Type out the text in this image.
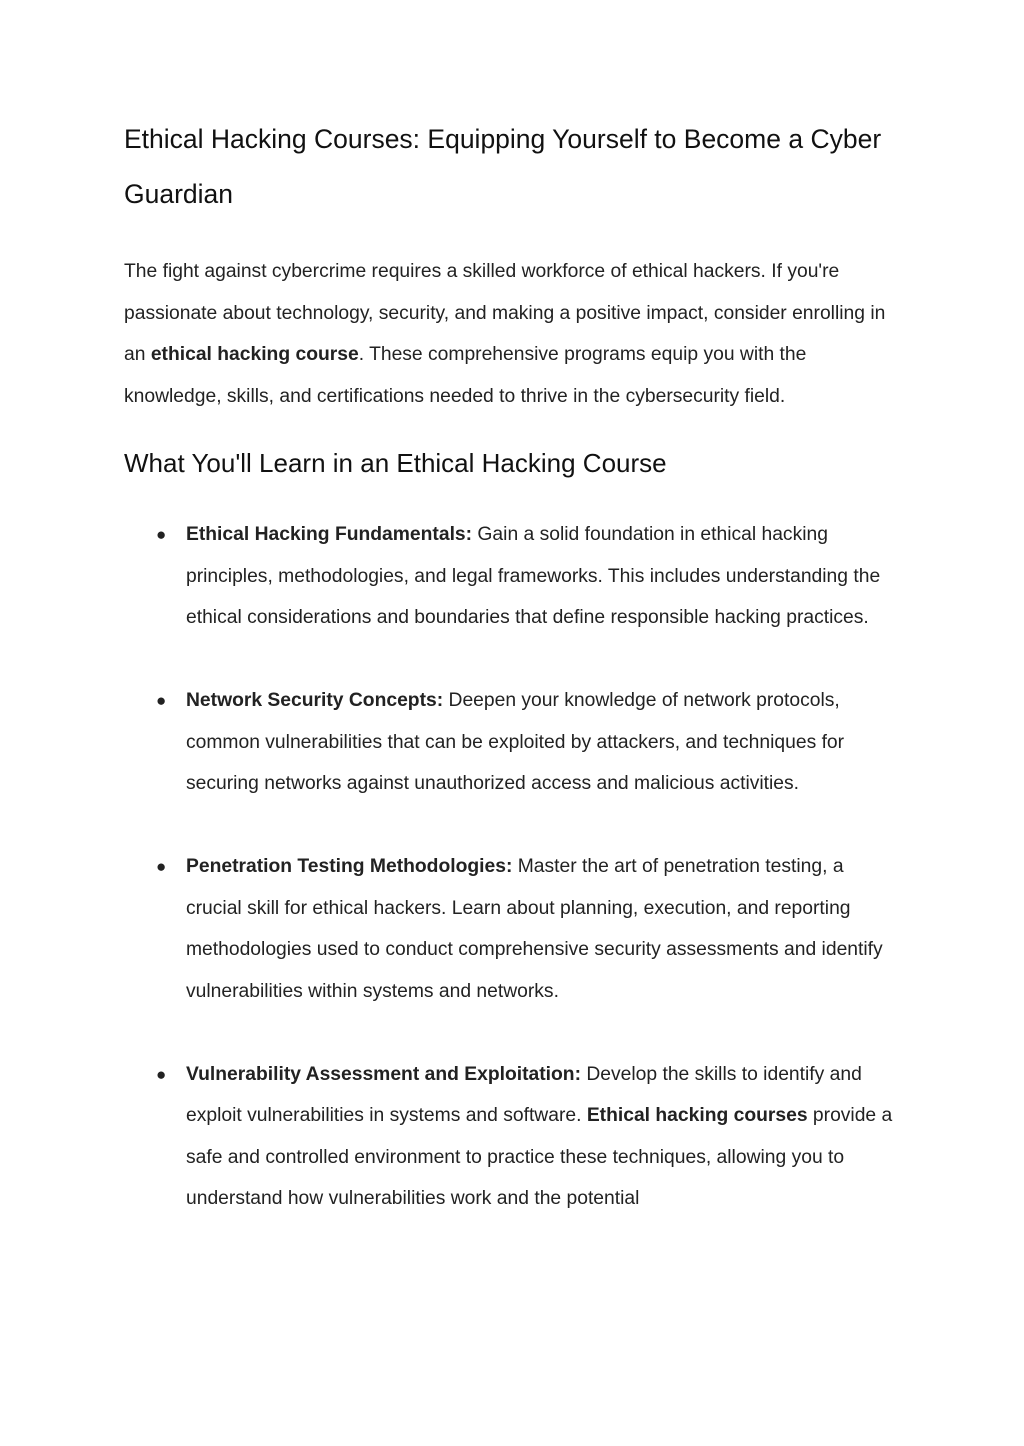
Ethical Hacking Courses: Equipping Yourself to Become a Cyber Guardian

The fight against cybercrime requires a skilled workforce of ethical hackers. If you're passionate about technology, security, and making a positive impact, consider enrolling in an ethical hacking course. These comprehensive programs equip you with the knowledge, skills, and certifications needed to thrive in the cybersecurity field.

What You'll Learn in an Ethical Hacking Course
● Ethical Hacking Fundamentals: Gain a solid foundation in ethical hacking principles, methodologies, and legal frameworks. This includes understanding the ethical considerations and boundaries that define responsible hacking practices.
● Network Security Concepts: Deepen your knowledge of network protocols, common vulnerabilities that can be exploited by attackers, and techniques for securing networks against unauthorized access and malicious activities.
● Penetration Testing Methodologies: Master the art of penetration testing, a crucial skill for ethical hackers. Learn about planning, execution, and reporting methodologies used to conduct comprehensive security assessments and identify vulnerabilities within systems and networks.
● Vulnerability Assessment and Exploitation: Develop the skills to identify and exploit vulnerabilities in systems and software. Ethical hacking courses provide a safe and controlled environment to practice these techniques, allowing you to understand how vulnerabilities work and the potential
